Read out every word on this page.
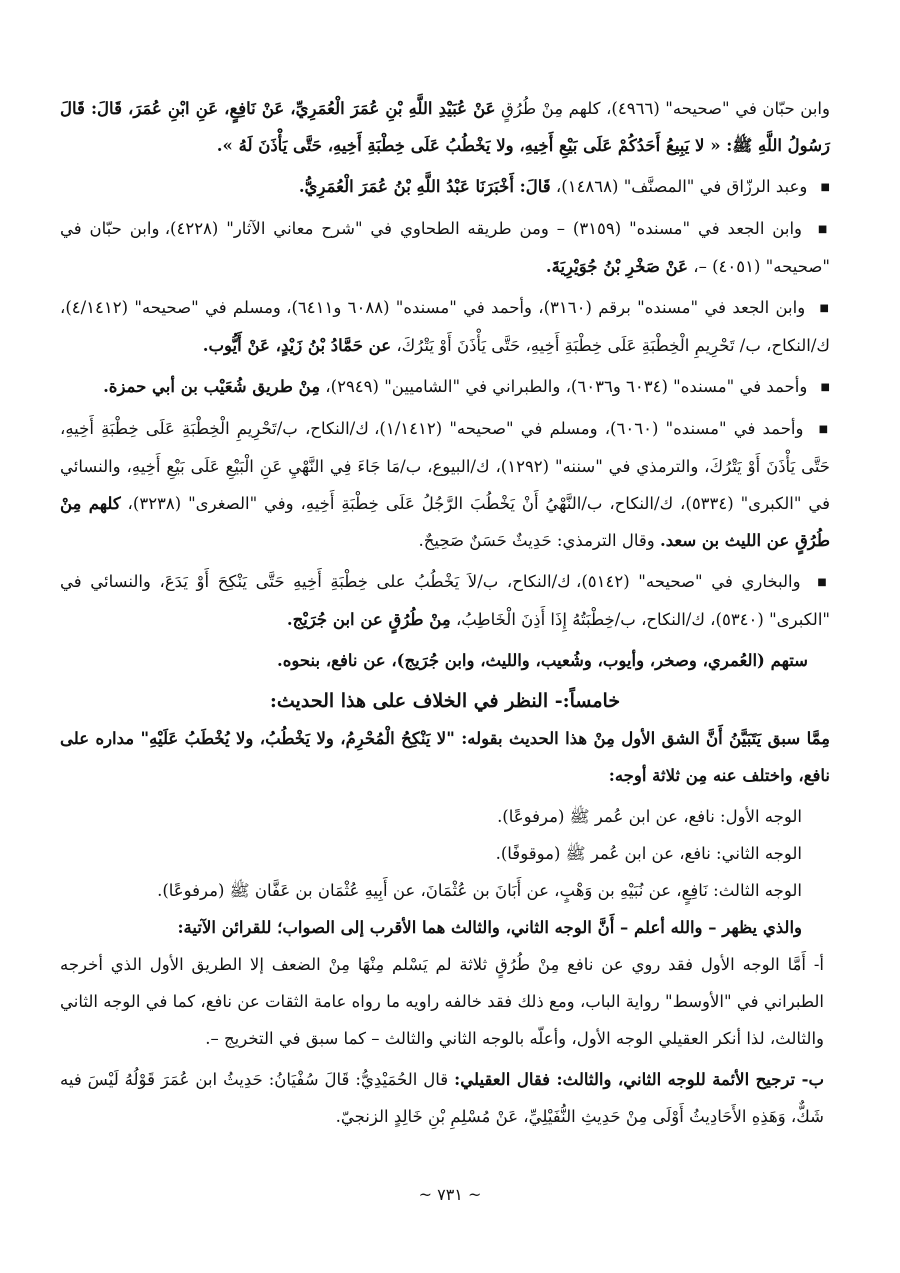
وابن حبّان في "صحيحه" (٤٩٦٦)، كلهم مِنْ طُرُقٍ عَنْ عُبَيْدِ اللَّهِ بْنِ عُمَرَ الْعُمَرِيِّ، عَنْ نَافِعٍ، عَنِ ابْنِ عُمَرَ، قَالَ: قَالَ رَسُولُ اللَّهِ ﷺ: « لا يَبِيعُ أَحَدُكُمْ عَلَى بَيْعِ أَخِيهِ، ولا يَخْطُبُ عَلَى خِطْبَةِ أَخِيهِ، حَتَّى يَأْذَنَ لَهُ ».

■ وعبد الرزّاق في "المصنَّف" (١٤٨٦٨)، قَالَ: أَخْبَرَنَا عَبْدُ اللَّهِ بْنُ عُمَرَ الْعُمَرِيُّ.

■ وابن الجعد في "مسنده" (٣١٥٩) – ومن طريقه الطحاوي في "شرح معاني الآثار" (٤٢٢٨)، وابن حبّان في "صحيحه" (٤٠٥١) –، عَنْ صَخْرِ بْنُ جُوَيْرِيَةَ.

■ وابن الجعد في "مسنده" برقم (٣١٦٠)، وأحمد في "مسنده" (٦٠٨٨ و٦٤١١)، ومسلم في "صحيحه" (٤/١٤١٢)، ك/النكاح، ب/ تَحْرِيمِ الْخِطْبَةِ عَلَى خِطْبَةِ أَخِيهِ، حَتَّى يَأْذَنَ أَوْ يَتْرُكَ، عن حَمَّادُ بْنُ زَيْدٍ، عَنْ أَيُّوب.

■ وأحمد في "مسنده" (٦٠٣٤ و٦٠٣٦)، والطبراني في "الشاميين" (٢٩٤٩)، مِنْ طريق شُعَيْب بن أبي حمزة.

■ وأحمد في "مسنده" (٦٠٦٠)، ومسلم في "صحيحه" (١/١٤١٢)، ك/النكاح، ب/تَحْرِيمِ الْخِطْبَةِ عَلَى خِطْبَةِ أَخِيهِ، حَتَّى يَأْذَنَ أَوْ يَتْرُكَ، والترمذي في "سننه" (١٢٩٢)، ك/البيوع، ب/مَا جَاءَ فِي النَّهْيِ عَنِ الْبَيْعِ عَلَى بَيْعِ أَخِيهِ، والنسائي في "الكبرى" (٥٣٣٤)، ك/النكاح، ب/النَّهْيُ أَنْ يَخْطُبَ الرَّجُلُ عَلَى خِطْبَةِ أَخِيهِ، وفي "الصغرى" (٣٢٣٨)، كلهم مِنْ طُرُقٍ عن الليث بن سعد. وقال الترمذي: حَدِيثٌ حَسَنٌ صَحِيحٌ.

■ والبخاري في "صحيحه" (٥١٤٢)، ك/النكاح، ب/لاَ يَخْطُبُ على خِطْبَةِ أَخِيهِ حَتَّى يَنْكِحَ أَوْ يَدَعَ، والنسائي في "الكبرى" (٥٣٤٠)، ك/النكاح، ب/خِطْبَتُهُ إِذَا أَذِنَ الْخَاطِبُ، مِنْ طُرُقٍ عن ابن جُرَيْج.

ستهم (العُمري، وصخر، وأيوب، وشُعيب، والليث، وابن جُرَيج)، عن نافع، بنحوه.

خامساً:- النظر في الخلاف على هذا الحديث:

مِمَّا سبق يَتَبَيَّنُ أَنَّ الشق الأول مِنْ هذا الحديث بقوله: "لا يَنْكِحُ الْمُحْرِمُ، ولا يَخْطُبُ، ولا يُخْطَبُ عَلَيْهِ" مداره على نافع، واختلف عنه مِن ثلاثة أوجه:

الوجه الأول: نافع، عن ابن عُمر ﷺ (مرفوعًا).

الوجه الثاني: نافع، عن ابن عُمر ﷺ (موقوفًا).

الوجه الثالث: نَافِعٍ، عن نُبَيْهِ بن وَهْبٍ، عن أَبَانَ بن عُثْمَانَ، عن أَبِيهِ عُثْمَان بن عَفَّان ﷺ (مرفوعًا).

والذي يظهر – والله أعلم – أَنَّ الوجه الثاني، والثالث هما الأقرب إلى الصواب؛ للقرائن الآتية:

أ- أَمَّا الوجه الأول فقد روي عن نافع مِنْ طُرُقٍ ثلاثة لم يَسْلم مِنْهَا مِنْ الضعف إلا الطريق الأول الذي أخرجه الطبراني في "الأوسط" رواية الباب، ومع ذلك فقد خالفه راويه ما رواه عامة الثقات عن نافع، كما في الوجه الثاني والثالث، لذا أنكر العقيلي الوجه الأول، وأعلّه بالوجه الثاني والثالث – كما سبق في التخريج –.

ب- ترجيح الأئمة للوجه الثاني، والثالث: فقال العقيلي: قال الحُمَيْدِيُّ: قَالَ سُفْيَانُ: حَدِيثُ ابن عُمَرَ قَوْلُهُ لَيْسَ فيه شَكٌّ، وَهَذِهِ الأَحَادِيثُ أَوْلَى مِنْ حَدِيثِ النُّفَيْلِيِّ، عَنْ مُسْلِمِ بْنِ خَالِدٍ الزنجيّ.

~ ٧٣١ ~
